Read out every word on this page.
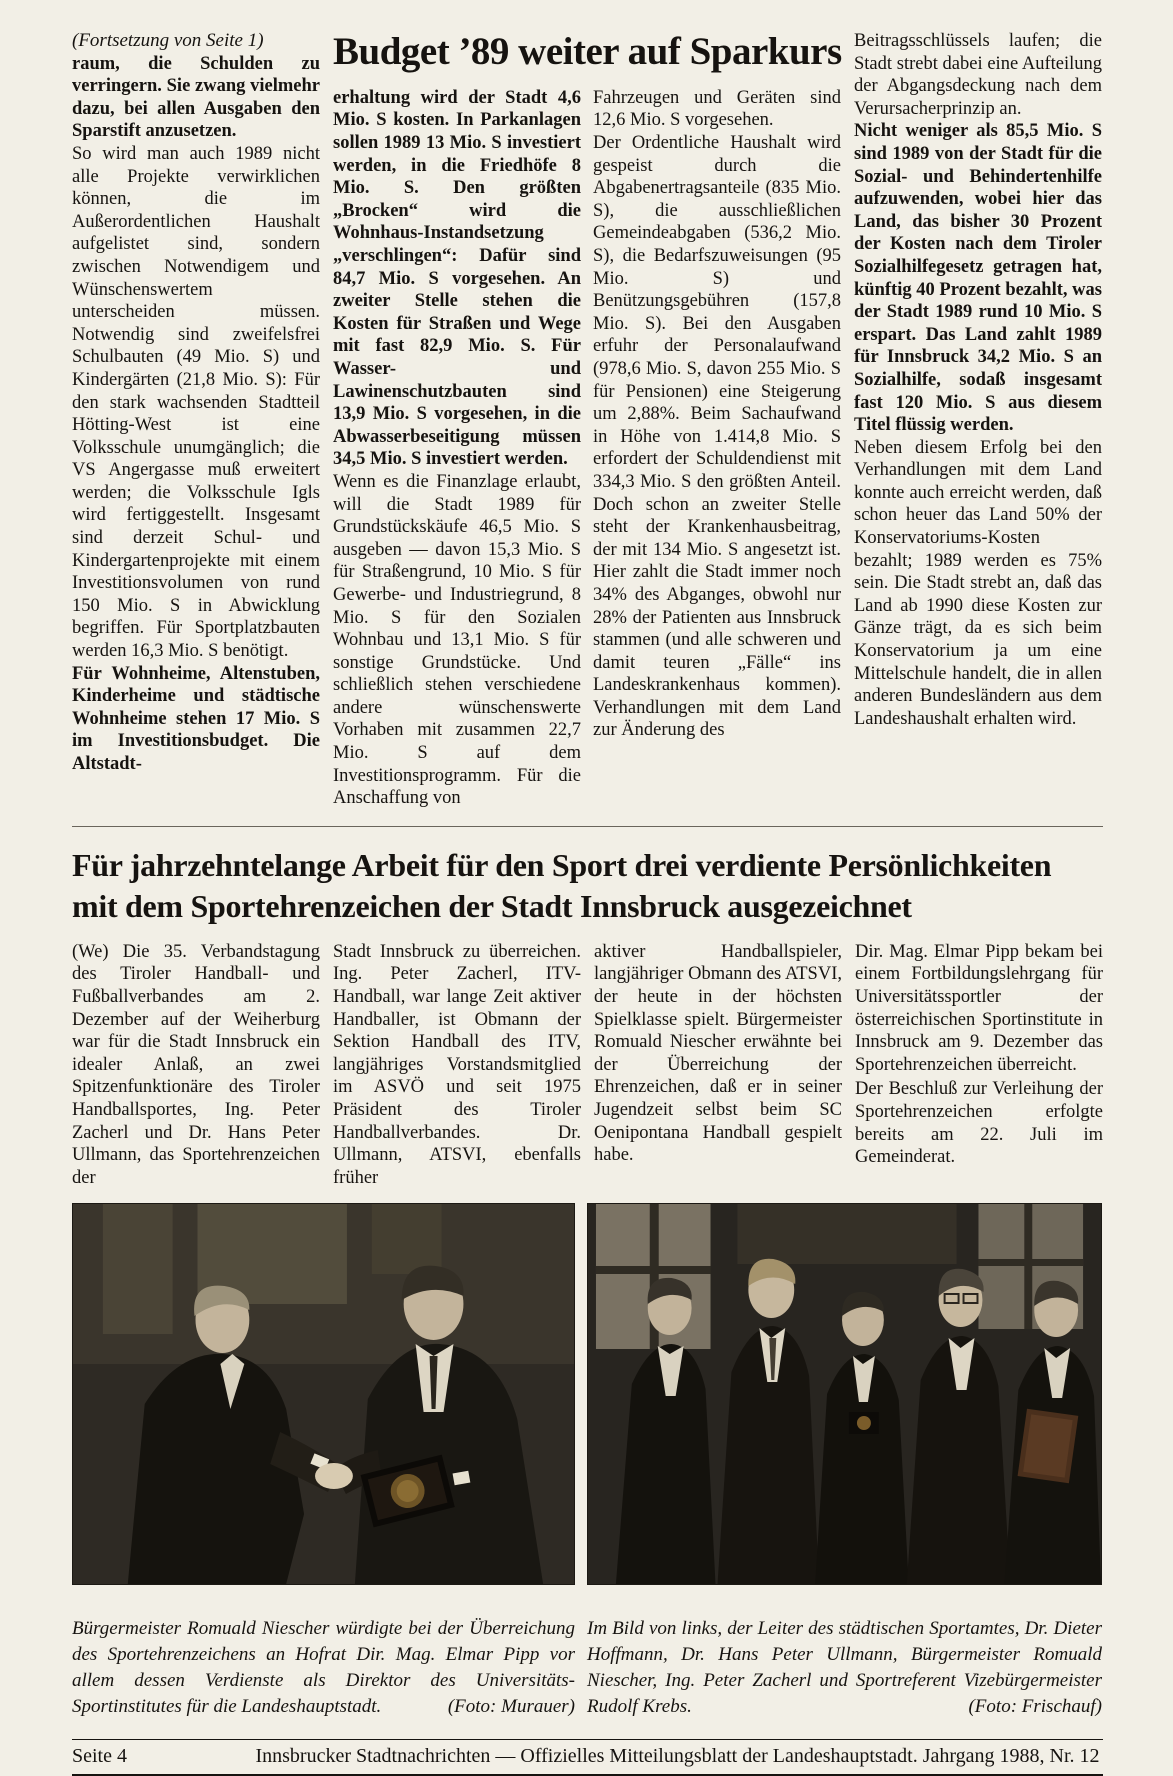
(Fortsetzung von Seite 1)

raum, die Schulden zu verringern. Sie zwang vielmehr dazu, bei allen Ausgaben den Sparstift anzusetzen.

So wird man auch 1989 nicht alle Projekte verwirklichen können, die im Außerordentlichen Haushalt aufgelistet sind, sondern zwischen Notwendigem und Wünschenswertem unterscheiden müssen. Notwendig sind zweifelsfrei Schulbauten (49 Mio. S) und Kindergärten (21,8 Mio. S): Für den stark wachsenden Stadtteil Hötting-West ist eine Volksschule unumgänglich; die VS Angergasse muß erweitert werden; die Volksschule Igls wird fertiggestellt. Insgesamt sind derzeit Schul- und Kindergartenprojekte mit einem Investitionsvolumen von rund 150 Mio. S in Abwicklung begriffen. Für Sportplatzbauten werden 16,3 Mio. S benötigt.

Für Wohnheime, Altenstuben, Kinderheime und städtische Wohnheime stehen 17 Mio. S im Investitionsbudget. Die Altstadt-

Budget ’89 weiter auf Sparkurs

erhaltung wird der Stadt 4,6 Mio. S kosten. In Parkanlagen sollen 1989 13 Mio. S investiert werden, in die Friedhöfe 8 Mio. S. Den größten „Brocken“ wird die Wohnhaus-Instandsetzung „verschlingen“: Dafür sind 84,7 Mio. S vorgesehen. An zweiter Stelle stehen die Kosten für Straßen und Wege mit fast 82,9 Mio. S. Für Wasser- und Lawinenschutzbauten sind 13,9 Mio. S vorgesehen, in die Abwasserbeseitigung müssen 34,5 Mio. S investiert werden.

Wenn es die Finanzlage erlaubt, will die Stadt 1989 für Grundstückskäufe 46,5 Mio. S ausgeben — davon 15,3 Mio. S für Straßengrund, 10 Mio. S für Gewerbe- und Industriegrund, 8 Mio. S für den Sozialen Wohnbau und 13,1 Mio. S für sonstige Grundstücke. Und schließlich stehen verschiedene andere wünschenswerte Vorhaben mit zusammen 22,7 Mio. S auf dem Investitionsprogramm. Für die Anschaffung von

Fahrzeugen und Geräten sind 12,6 Mio. S vorgesehen.

Der Ordentliche Haushalt wird gespeist durch die Abgabenertragsanteile (835 Mio. S), die ausschließlichen Gemeindeabgaben (536,2 Mio. S), die Bedarfszuweisungen (95 Mio. S) und Benützungsgebühren (157,8 Mio. S). Bei den Ausgaben erfuhr der Personalaufwand (978,6 Mio. S, davon 255 Mio. S für Pensionen) eine Steigerung um 2,88%. Beim Sachaufwand in Höhe von 1.414,8 Mio. S erfordert der Schuldendienst mit 334,3 Mio. S den größten Anteil. Doch schon an zweiter Stelle steht der Krankenhausbeitrag, der mit 134 Mio. S angesetzt ist. Hier zahlt die Stadt immer noch 34% des Abganges, obwohl nur 28% der Patienten aus Innsbruck stammen (und alle schweren und damit teuren „Fälle“ ins Landeskrankenhaus kommen). Verhandlungen mit dem Land zur Änderung des

Beitragsschlüssels laufen; die Stadt strebt dabei eine Aufteilung der Abgangsdeckung nach dem Verursacherprinzip an.

Nicht weniger als 85,5 Mio. S sind 1989 von der Stadt für die Sozial- und Behindertenhilfe aufzuwenden, wobei hier das Land, das bisher 30 Prozent der Kosten nach dem Tiroler Sozialhilfegesetz getragen hat, künftig 40 Prozent bezahlt, was der Stadt 1989 rund 10 Mio. S erspart. Das Land zahlt 1989 für Innsbruck 34,2 Mio. S an Sozialhilfe, sodaß insgesamt fast 120 Mio. S aus diesem Titel flüssig werden.

Neben diesem Erfolg bei den Verhandlungen mit dem Land konnte auch erreicht werden, daß schon heuer das Land 50% der Konservatoriums-Kosten bezahlt; 1989 werden es 75% sein. Die Stadt strebt an, daß das Land ab 1990 diese Kosten zur Gänze trägt, da es sich beim Konservatorium ja um eine Mittelschule handelt, die in allen anderen Bundesländern aus dem Landeshaushalt erhalten wird.

Für jahrzehntelange Arbeit für den Sport drei verdiente Persönlichkeiten
mit dem Sportehrenzeichen der Stadt Innsbruck ausgezeichnet

(We) Die 35. Verbandstagung des Tiroler Handball- und Fußballverbandes am 2. Dezember auf der Weiherburg war für die Stadt Innsbruck ein idealer Anlaß, an zwei Spitzenfunktionäre des Tiroler Handballsportes, Ing. Peter Zacherl und Dr. Hans Peter Ullmann, das Sportehrenzeichen der

Stadt Innsbruck zu überreichen. Ing. Peter Zacherl, ITV-Handball, war lange Zeit aktiver Handballer, ist Obmann der Sektion Handball des ITV, langjähriges Vorstandsmitglied im ASVÖ und seit 1975 Präsident des Tiroler Handballverbandes. Dr. Ullmann, ATSVI, ebenfalls früher

aktiver Handballspieler, langjähriger Obmann des ATSVI, der heute in der höchsten Spielklasse spielt. Bürgermeister Romuald Niescher erwähnte bei der Überreichung der Ehrenzeichen, daß er in seiner Jugendzeit selbst beim SC Oenipontana Handball gespielt habe.

Dir. Mag. Elmar Pipp bekam bei einem Fortbildungslehrgang für Universitätssportler der österreichischen Sportinstitute in Innsbruck am 9. Dezember das Sportehrenzeichen überreicht.

Der Beschluß zur Verleihung der Sportehrenzeichen erfolgte bereits am 22. Juli im Gemeinderat.

Bürgermeister Romuald Niescher würdigte bei der Überreichung des Sportehrenzeichens an Hofrat Dir. Mag. Elmar Pipp vor allem dessen Verdienste als Direktor des Universitäts-Sportinstitutes für die Landeshauptstadt.	(Foto: Murauer)

Im Bild von links, der Leiter des städtischen Sportamtes, Dr. Dieter Hoffmann, Dr. Hans Peter Ullmann, Bürgermeister Romuald Niescher, Ing. Peter Zacherl und Sportreferent Vizebürgermeister Rudolf Krebs.	(Foto: Frischauf)

Seite 4	Innsbrucker Stadtnachrichten — Offizielles Mitteilungsblatt der Landeshauptstadt. Jahrgang 1988, Nr. 12
